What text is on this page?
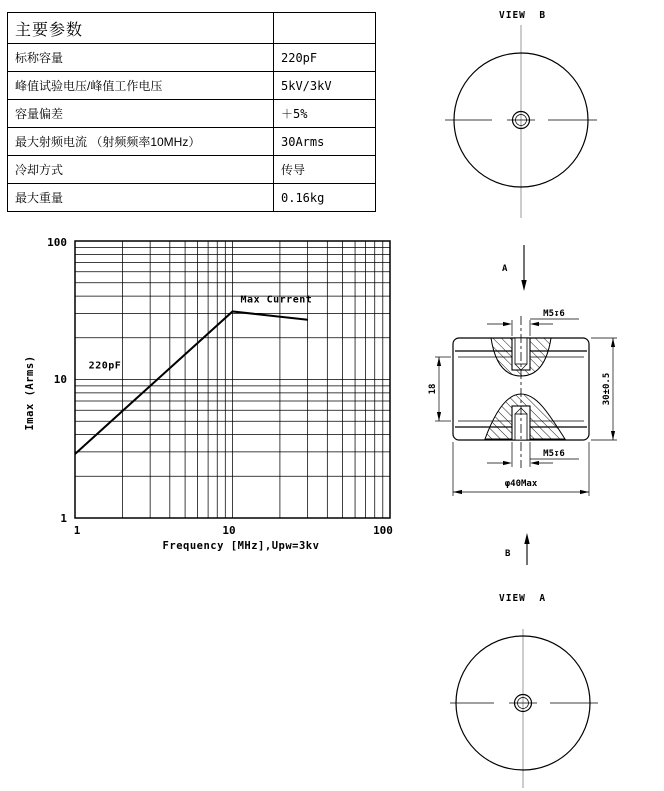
主要参数	
标称容量	220pF
峰值试验电压/峰值工作电压	5kV/3kV
容量偏差	＋5%
最大射频电流 （射频频率10MHz）	30Arms
冷却方式	传导
最大重量	0.16kg
100
10
1
1	10	100
Frequency [MHz],Upw=3kv
Imax (Arms)	220pF
Max Current
VIEW  B
A
M5↧6
M5↧6
30±0.5
18
φ40Max
B
VIEW  A
